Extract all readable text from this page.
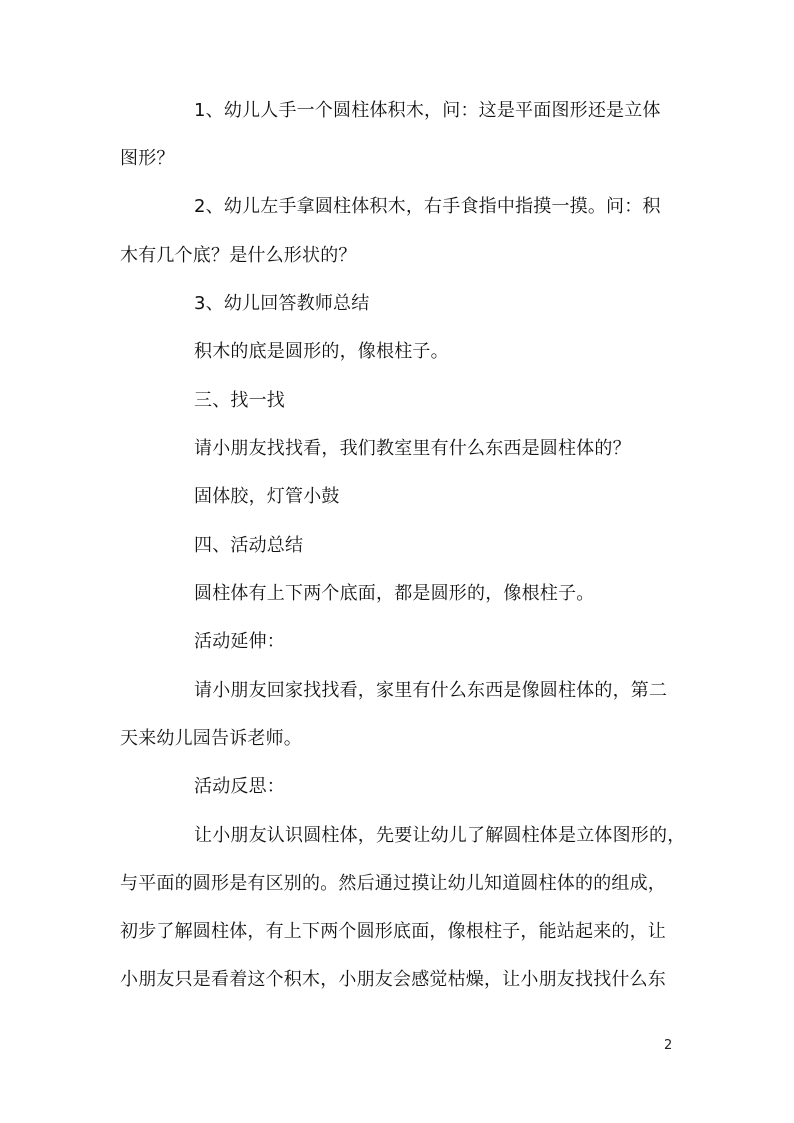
1、幼儿人手一个圆柱体积木，问：这是平面图形还是立体
图形？
2、幼儿左手拿圆柱体积木，右手食指中指摸一摸。问：积
木有几个底？是什么形状的？
3、幼儿回答教师总结
积木的底是圆形的，像根柱子。
三、找一找
请小朋友找找看，我们教室里有什么东西是圆柱体的？
固体胶，灯管小鼓
四、活动总结
圆柱体有上下两个底面，都是圆形的，像根柱子。
活动延伸：
请小朋友回家找找看，家里有什么东西是像圆柱体的，第二
天来幼儿园告诉老师。
活动反思：
让小朋友认识圆柱体，先要让幼儿了解圆柱体是立体图形的，
与平面的圆形是有区别的。然后通过摸让幼儿知道圆柱体的的组成，
初步了解圆柱体，有上下两个圆形底面，像根柱子，能站起来的，让
小朋友只是看着这个积木，小朋友会感觉枯燥，让小朋友找找什么东
2
